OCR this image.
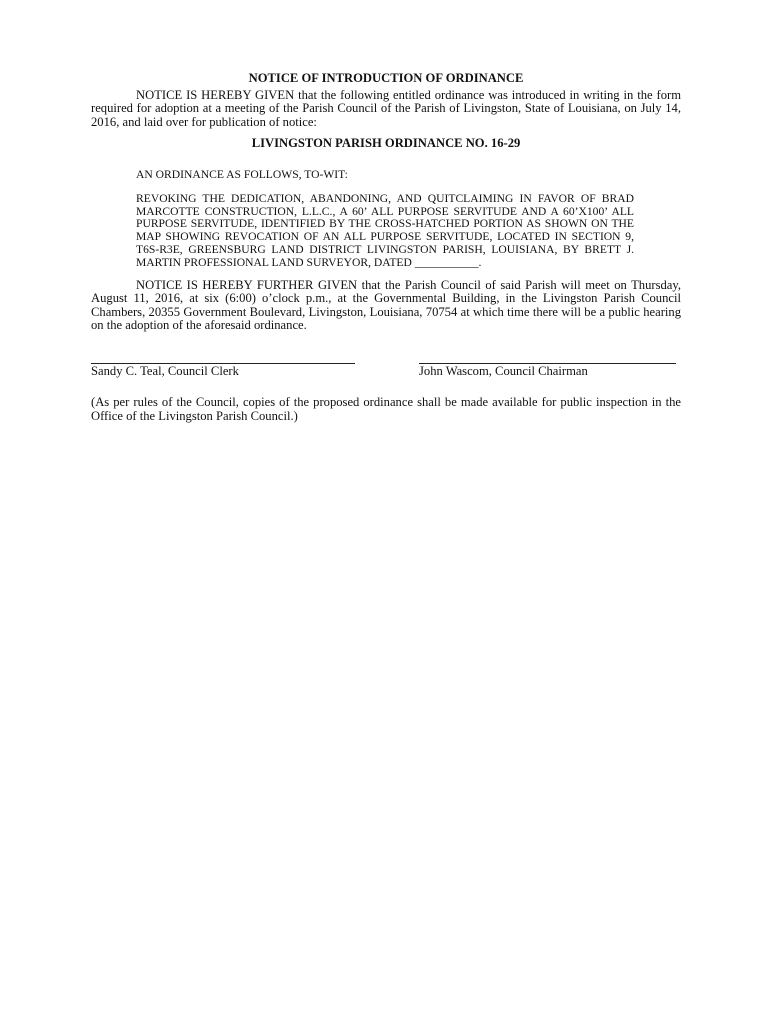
NOTICE OF INTRODUCTION OF ORDINANCE

NOTICE IS HEREBY GIVEN that the following entitled ordinance was introduced in writing in the form required for adoption at a meeting of the Parish Council of the Parish of Livingston, State of Louisiana, on July 14, 2016, and laid over for publication of notice:

LIVINGSTON PARISH ORDINANCE NO. 16-29
AN ORDINANCE AS FOLLOWS, TO-WIT:
REVOKING THE DEDICATION, ABANDONING, AND QUITCLAIMING IN FAVOR OF BRAD MARCOTTE CONSTRUCTION, L.L.C., A 60’ ALL PURPOSE SERVITUDE AND A 60’X100’ ALL PURPOSE SERVITUDE, IDENTIFIED BY THE CROSS-HATCHED PORTION AS SHOWN ON THE MAP SHOWING REVOCATION OF AN ALL PURPOSE SERVITUDE, LOCATED IN SECTION 9, T6S-R3E, GREENSBURG LAND DISTRICT LIVINGSTON PARISH, LOUISIANA, BY BRETT J. MARTIN PROFESSIONAL LAND SURVEYOR, DATED ___________.

NOTICE IS HEREBY FURTHER GIVEN that the Parish Council of said Parish will meet on Thursday, August 11, 2016, at six (6:00) o’clock p.m., at the Governmental Building, in the Livingston Parish Council Chambers, 20355 Government Boulevard, Livingston, Louisiana, 70754 at which time there will be a public hearing on the adoption of the aforesaid ordinance.

Sandy C. Teal, Council Clerk	John Wascom, Council Chairman
(As per rules of the Council, copies of the proposed ordinance shall be made available for public inspection in the Office of the Livingston Parish Council.)
